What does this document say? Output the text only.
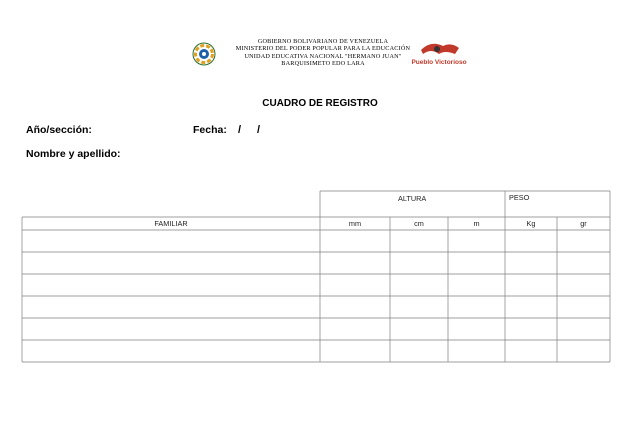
GOBIERNO BOLIVARIANO DE VENEZUELA
MINISTERIO DEL PODER POPULAR PARA LA EDUCACIÓN
UNIDAD EDUCATIVA NACIONAL "HERMANO JUAN"
BARQUISIMETO EDO LARA	Pueblo Victorioso
CUADRO DE REGISTRO
Año/sección:	Fecha: / /
Nombre y apellido:
ALTURA	PESO
FAMILIAR	mm	cm	m	Kg	gr
